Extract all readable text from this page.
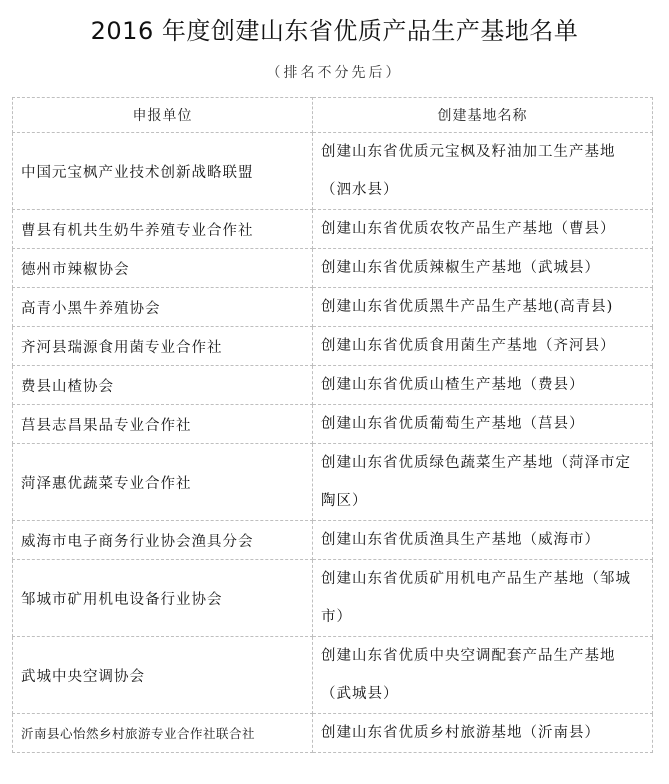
2016 年度创建山东省优质产品生产基地名单
（排名不分先后）
申报单位	创建基地名称
中国元宝枫产业技术创新战略联盟	创建山东省优质元宝枫及籽油加工生产基地（泗水县）
曹县有机共生奶牛养殖专业合作社	创建山东省优质农牧产品生产基地（曹县）
德州市辣椒协会	创建山东省优质辣椒生产基地（武城县）
高青小黑牛养殖协会	创建山东省优质黑牛产品生产基地(高青县)
齐河县瑞源食用菌专业合作社	创建山东省优质食用菌生产基地（齐河县）
费县山楂协会	创建山东省优质山楂生产基地（费县）
莒县志昌果品专业合作社	创建山东省优质葡萄生产基地（莒县）
菏泽惠优蔬菜专业合作社	创建山东省优质绿色蔬菜生产基地（菏泽市定陶区）
威海市电子商务行业协会渔具分会	创建山东省优质渔具生产基地（威海市）
邹城市矿用机电设备行业协会	创建山东省优质矿用机电产品生产基地（邹城市）
武城中央空调协会	创建山东省优质中央空调配套产品生产基地（武城县）
沂南县心怡然乡村旅游专业合作社联合社	创建山东省优质乡村旅游基地（沂南县）
